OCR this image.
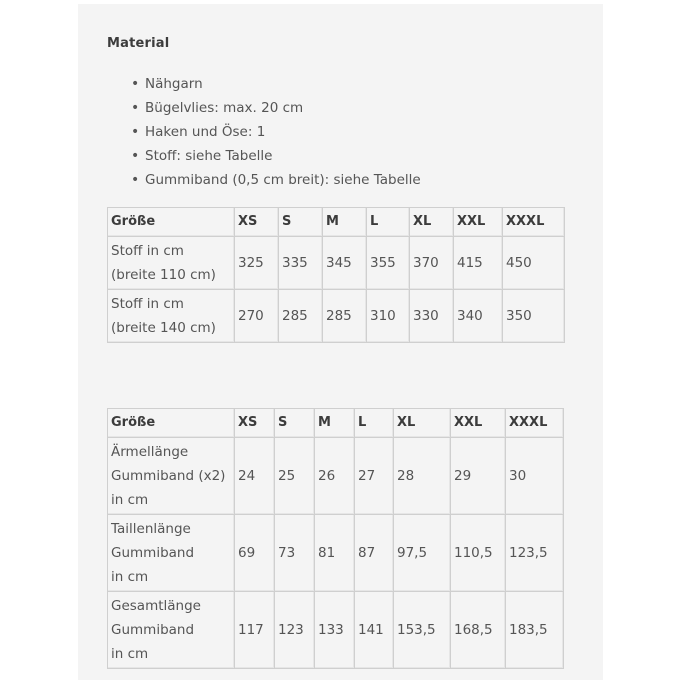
Material
• Nähgarn
• Bügelvlies: max. 20 cm
• Haken und Öse: 1
• Stoff: siehe Tabelle
• Gummiband (0,5 cm breit): siehe Tabelle
Größe	XS	S	M	L	XL	XXL	XXXL

Stoff in cm
(breite 110 cm)	325	335	345	355	370	415	450

Stoff in cm
(breite 140 cm)	270	285	285	310	330	340	350
Größe	XS	S	M	L	XL	XXL	XXXL

Ärmellänge
Gummiband (x2)
in cm	24	25	26	27	28	29	30

Taillenlänge
Gummiband
in cm	69	73	81	87	97,5	110,5	123,5

Gesamtlänge
Gummiband
in cm	117	123	133	141	153,5	168,5	183,5
